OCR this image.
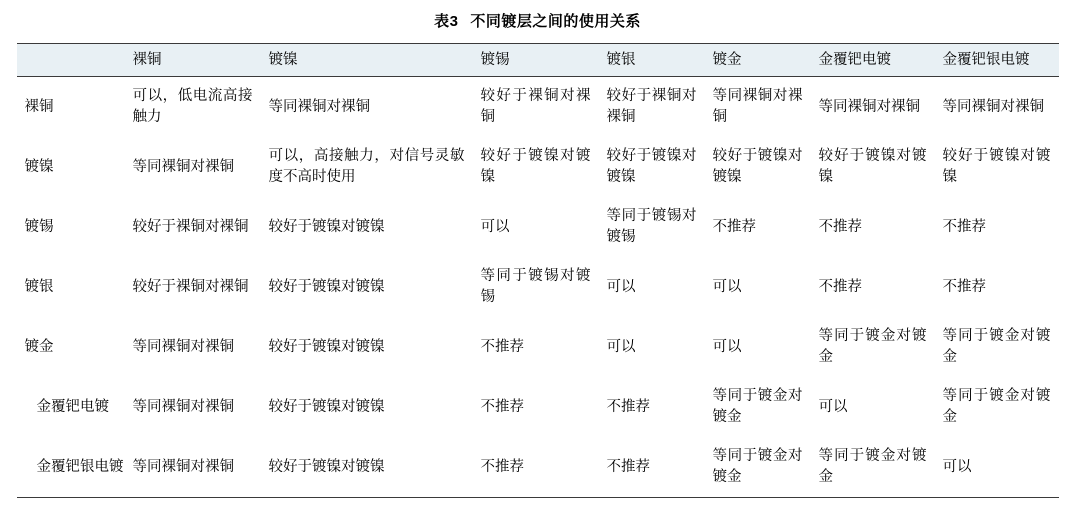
表3 不同镀层之间的使用关系
	裸铜	镀镍	镀锡	镀银	镀金	金覆钯电镀	金覆钯银电镀
裸铜	可以，低电流高接触力	等同裸铜对裸铜	较好于裸铜对裸铜	较好于裸铜对裸铜	等同裸铜对裸铜	等同裸铜对裸铜	等同裸铜对裸铜

镀镍	等同裸铜对裸铜	可以，高接触力，对信号灵敏度不高时使用	较好于镀镍对镀镍	较好于镀镍对镀镍	较好于镀镍对镀镍	较好于镀镍对镀镍	较好于镀镍对镀镍

镀锡	较好于裸铜对裸铜	较好于镀镍对镀镍	可以	等同于镀锡对镀锡	不推荐	不推荐	不推荐

镀银	较好于裸铜对裸铜	较好于镀镍对镀镍	等同于镀锡对镀锡	可以	可以	不推荐	不推荐

镀金	等同裸铜对裸铜	较好于镀镍对镀镍	不推荐	可以	可以	等同于镀金对镀金	等同于镀金对镀金

金覆钯电镀	等同裸铜对裸铜	较好于镀镍对镀镍	不推荐	不推荐	等同于镀金对镀金	可以	等同于镀金对镀金

金覆钯银电镀	等同裸铜对裸铜	较好于镀镍对镀镍	不推荐	不推荐	等同于镀金对镀金	等同于镀金对镀金	可以
